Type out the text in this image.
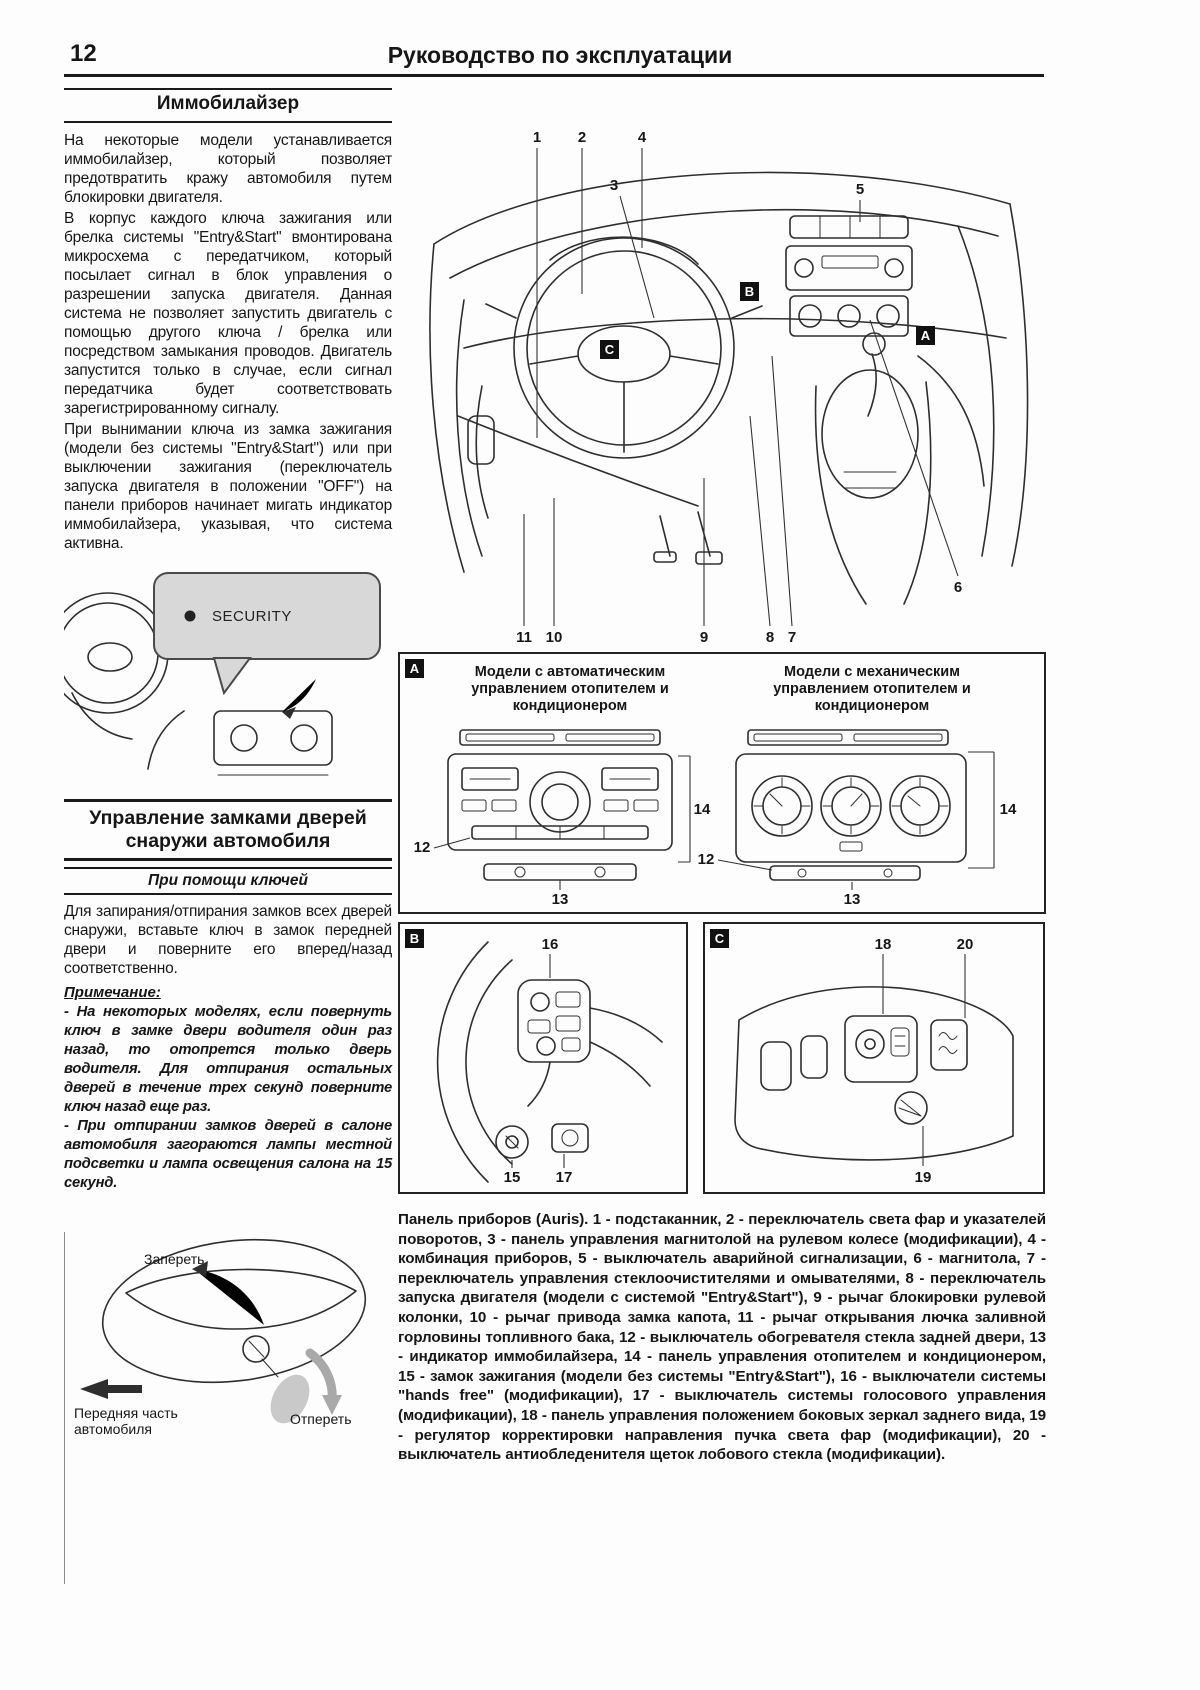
12	Руководство по эксплуатации
Иммобилайзер

На некоторые модели устанавливается иммобилайзер, который позволяет предотвратить кражу автомобиля путем блокировки двигателя.

В корпус каждого ключа зажигания или брелка системы "Entry&Start" вмонтирована микросхема с передатчиком, который посылает сигнал в блок управления о разрешении запуска двигателя. Данная система не позволяет запустить двигатель с помощью другого ключа / брелка или посредством замыкания проводов. Двигатель запустится только в случае, если сигнал передатчика будет соответствовать зарегистрированному сигналу.

При вынимании ключа из замка зажигания (модели без системы "Entry&Start") или при выключении зажигания (переключатель запуска двигателя в положении "OFF") на панели приборов начинает мигать индикатор иммобилайзера, указывая, что система активна.

SECURITY
Управление замками дверей снаружи автомобиля
При помощи ключей

Для запирания/отпирания замков всех дверей снаружи, вставьте ключ в замок передней двери и поверните его вперед/назад соответственно.

Примечание:

- На некоторых моделях, если повернуть ключ в замке двери водителя один раз назад, то отопрется только дверь водителя. Для отпирания остальных дверей в течение трех секунд поверните ключ назад еще раз.

- При отпирании замков дверей в салоне автомобиля загораются лампы местной подсветки и лампа освещения салона на 15 секунд.

Запереть
Отпереть
Передняя часть автомобиля
1 2	4
3	5
6
11 10	9	8 7
B
A
C
A	Модели с автоматическим управлением отопителем и кондиционером
Модели с механическим управлением отопителем и кондиционером
12
13
14
12
13
14
B	16
15 17
C	18	20
19

Панель приборов (Auris). 1 - подстаканник, 2 - переключатель света фар и указателей поворотов, 3 - панель управления магнитолой на рулевом колесе (модификации), 4 - комбинация приборов, 5 - выключатель аварийной сигнализации, 6 - магнитола, 7 - переключатель управления стеклоочистителями и омывателями, 8 - переключатель запуска двигателя (модели с системой "Entry&Start"), 9 - рычаг блокировки рулевой колонки, 10 - рычаг привода замка капота, 11 - рычаг открывания лючка заливной горловины топливного бака, 12 - выключатель обогревателя стекла задней двери, 13 - индикатор иммобилайзера, 14 - панель управления отопителем и кондиционером, 15 - замок зажигания (модели без системы "Entry&Start"), 16 - выключатели системы "hands free" (модификации), 17 - выключатель системы голосового управления (модификации), 18 - панель управления положением боковых зеркал заднего вида, 19 - регулятор корректировки направления пучка света фар (модификации), 20 - выключатель антиобледенителя щеток лобового стекла (модификации).
